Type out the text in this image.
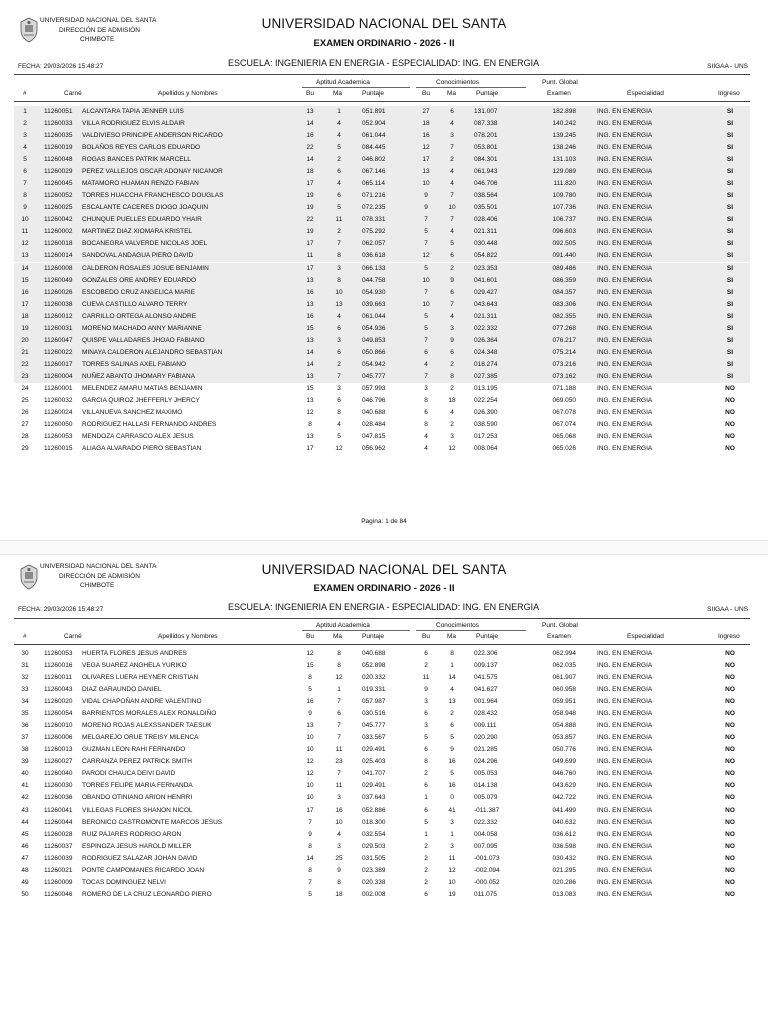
UNIVERSIDAD NACIONAL DEL SANTA
DIRECCIÓN DE ADMISIÓN
CHIMBOTE
UNIVERSIDAD NACIONAL DEL SANTA
EXAMEN ORDINARIO - 2026 - II
FECHA: 29/03/2026 15:48:27	ESCUELA: INGENIERIA EN ENERGIA - ESPECIALIDAD: ING. EN ENERGIA	SIIGAA - UNS
Aptitud Academica	Conocimientos	Punt. Global
#	Carné	Apellidos y Nombres	Bu	Ma	Puntaje	Bu	Ma	Puntaje	Examen	Especialidad	Ingreso
1	11260051 ALCANTARA TAPIA JENNER LUIS	13	1	051.891	27	6	131.007	182.898	ING. EN ENERGIA	SI
2	11260033 VILLA RODRIGUEZ ELVIS ALDAIR	14	4	052.904	18	4	087.338	140.242	ING. EN ENERGIA	SI
3	11260035 VALDIVIESO PRINCIPE ANDERSON RICARDO	16	4	061.044	16	3	078.201	139.245	ING. EN ENERGIA	SI
4	11260019 BOLAÑOS REYES CARLOS EDUARDO	22	5	084.445	12	7	053.801	138.246	ING. EN ENERGIA	SI
5	11260048 ROGAS BANCES PATRIK MARCELL	14	2	046.802	17	2	084.301	131.103	ING. EN ENERGIA	SI
6	11260029 PEREZ VALLEJOS OSCAR ADONAY NICANOR	18	6	067.146	13	4	061.943	129.089	ING. EN ENERGIA	SI
7	11260045 MATAMORO HUAMAN RENZO FABIAN	17	4	065.114	10	4	046.706	111.820	ING. EN ENERGIA	SI
8	11260052 TORRES HUACCHA FRANCHESCO DOUGLAS	19	6	071.216	9	7	038.564	109.780	ING. EN ENERGIA	SI
9	11260025 ESCALANTE CACERES DIOGO JOAQUIN	19	5	072.235	9	10	035.501	107.736	ING. EN ENERGIA	SI
10	11260042 CHUNQUE PUELLES EDUARDO YHAIR	22	11	078.331	7	7	028.406	106.737	ING. EN ENERGIA	SI
11	11260002 MARTINEZ DIAZ XIOMARA KRISTEL	19	2	075.292	5	4	021.311	096.603	ING. EN ENERGIA	SI
12	11260018 BOCANEGRA VALVERDE NICOLAS JOEL	17	7	062.057	7	5	030.448	092.505	ING. EN ENERGIA	SI
13	11260014 SANDOVAL ANDAGUA PIERO DAVID	11	8	036.618	12	6	054.822	091.440	ING. EN ENERGIA	SI
14	11260008 CALDERON ROSALES JOSUE BENJAMIN	17	3	066.133	5	2	023.353	089.486	ING. EN ENERGIA	SI
15	11260049 GONZALES ORE ANDREY EDUARDO	13	8	044.758	10	9	041.601	086.359	ING. EN ENERGIA	SI
16	11260026 ESCOBEDO CRUZ ANGELICA MARIE	16	10	054.930	7	6	029.427	084.357	ING. EN ENERGIA	SI
17	11260038 CUEVA CASTILLO ALVARO TERRY	13	13	039.663	10	7	043.643	083.306	ING. EN ENERGIA	SI
18	11260012 CARRILLO ORTEGA ALONSO ANDRE	16	4	061.044	5	4	021.311	082.355	ING. EN ENERGIA	SI
19	11260031 MORENO MACHADO ANNY MARIANNE	15	6	054.936	5	3	022.332	077.268	ING. EN ENERGIA	SI
20	11260047 QUISPE VALLADARES JHOAO FABIANO	13	3	049.853	7	9	026.364	076.217	ING. EN ENERGIA	SI
21	11260022 MINAYA CALDERON ALEJANDRO SEBASTIAN	14	6	050.866	6	6	024.348	075.214	ING. EN ENERGIA	SI
22	11260017 TORRES SALINAS AXEL FABIANO	14	2	054.942	4	2	018.274	073.216	ING. EN ENERGIA	SI
23	11260004 NUÑEZ ABANTO JHOMARY FABIANA	13	7	045.777	7	8	027.385	073.162	ING. EN ENERGIA	SI
24	11260001 MELENDEZ AMARU MATIAS BENJAMIN	15	3	057.993	3	2	013.195	071.188	ING. EN ENERGIA	NO
25	11260032 GARCIA QUIROZ JHEFFERLY JHERCY	13	6	046.796	8	18	022.254	069.050	ING. EN ENERGIA	NO
26	11260024 VILLANUEVA SANCHEZ MAXIMO	12	8	040.688	6	4	026.390	067.078	ING. EN ENERGIA	NO
27	11260050 RODRIGUEZ HALLASI FERNANDO ANDRES	8	4	028.484	8	2	038.590	067.074	ING. EN ENERGIA	NO
28	11260053 MENDOZA CARRASCO ALEX JESUS	13	5	047.815	4	3	017.253	065.068	ING. EN ENERGIA	NO
29	11260015 ALIAGA ALVARADO PIERO SEBASTIAN	17	12	056.962	4	12	008.064	065.026	ING. EN ENERGIA	NO
Pagina: 1 de 84
UNIVERSIDAD NACIONAL DEL SANTA
DIRECCIÓN DE ADMISIÓN
CHIMBOTE
UNIVERSIDAD NACIONAL DEL SANTA
EXAMEN ORDINARIO - 2026 - II
FECHA: 29/03/2026 15:48:27	ESCUELA: INGENIERIA EN ENERGIA - ESPECIALIDAD: ING. EN ENERGIA	SIIGAA - UNS
Aptitud Academica	Conocimientos	Punt. Global
#	Carné	Apellidos y Nombres	Bu	Ma	Puntaje	Bu	Ma	Puntaje	Examen	Especialidad	Ingreso
30	11260053 HUERTA FLORES JESUS ANDRES	12	8	040.688	6	8	022.306	062.994	ING. EN ENERGIA	NO
31	11260016 VEGA SUAREZ ANGHELA YURIKO	15	8	052.898	2	1	009.137	062.035	ING. EN ENERGIA	NO
32	11260011 OLIVARES LUERA HEYNER CRISTIAN	8	12	020.332	11	14	041.575	061.907	ING. EN ENERGIA	NO
33	11260043 DIAZ GARAUNDO DANIEL	5	1	019.331	9	4	041.627	060.958	ING. EN ENERGIA	NO
34	11260020 VIDAL CHAPOÑAN ANDRE VALENTINO	16	7	057.987	3	13	001.964	059.951	ING. EN ENERGIA	NO
35	11260054 BARRIENTOS MORALES ALEX RONALDIÑO	9	6	030.516	6	2	028.432	058.948	ING. EN ENERGIA	NO
36	11260010 MORENO ROJAS ALEXSSANDER TAESUK	13	7	045.777	3	6	009.111	054.888	ING. EN ENERGIA	NO
37	11260006 MELGAREJO ORUE TREISY MILENCA	10	7	033.567	5	5	020.290	053.857	ING. EN ENERGIA	NO
38	11260013 GUZMAN LEON RAHI FERNANDO	10	11	029.491	6	9	021.285	050.776	ING. EN ENERGIA	NO
39	11260027 CARRANZA PEREZ PATRICK SMITH	12	23	025.403	8	16	024.296	049.699	ING. EN ENERGIA	NO
40	11260040 PARODI CHAUCA DEIVI DAVID	12	7	041.707	2	5	005.053	046.760	ING. EN ENERGIA	NO
41	11260030 TORRES FELIPE MARIA FERNANDA	10	11	029.491	6	16	014.138	043.629	ING. EN ENERGIA	NO
42	11260036 OBANDO OTINIANO ARION HENRRI	10	3	037.643	1	0	005.079	042.722	ING. EN ENERGIA	NO
43	11260041 VILLEGAS FLORES SHANON NICOL	17	16	052.886	6	41	-011.387	041.499	ING. EN ENERGIA	NO
44	11260044 BERONICO CASTROMONTE MARCOS JESUS	7	10	018.300	5	3	022.332	040.632	ING. EN ENERGIA	NO
45	11260028 RUIZ PAJARES RODRIGO ARON	9	4	032.554	1	1	004.058	036.612	ING. EN ENERGIA	NO
46	11260037 ESPINOZA JESUS HAROLD MILLER	8	3	029.503	2	3	007.095	036.598	ING. EN ENERGIA	NO
47	11260039 RODRIGUEZ SALAZAR JOHAN DAVID	14	25	031.505	2	11	-001.073	030.432	ING. EN ENERGIA	NO
48	11260021 PONTE CAMPOMANES RICARDO JOAN	8	9	023.389	2	12	-002.094	021.295	ING. EN ENERGIA	NO
49	11260009 TOCAS DOMINGUEZ NELVI	7	8	020.338	2	10	-000.052	020.286	ING. EN ENERGIA	NO
50	11260046 ROMERO DE LA CRUZ LEONARDO PIERO	5	18	002.008	6	19	011.075	013.083	ING. EN ENERGIA	NO
